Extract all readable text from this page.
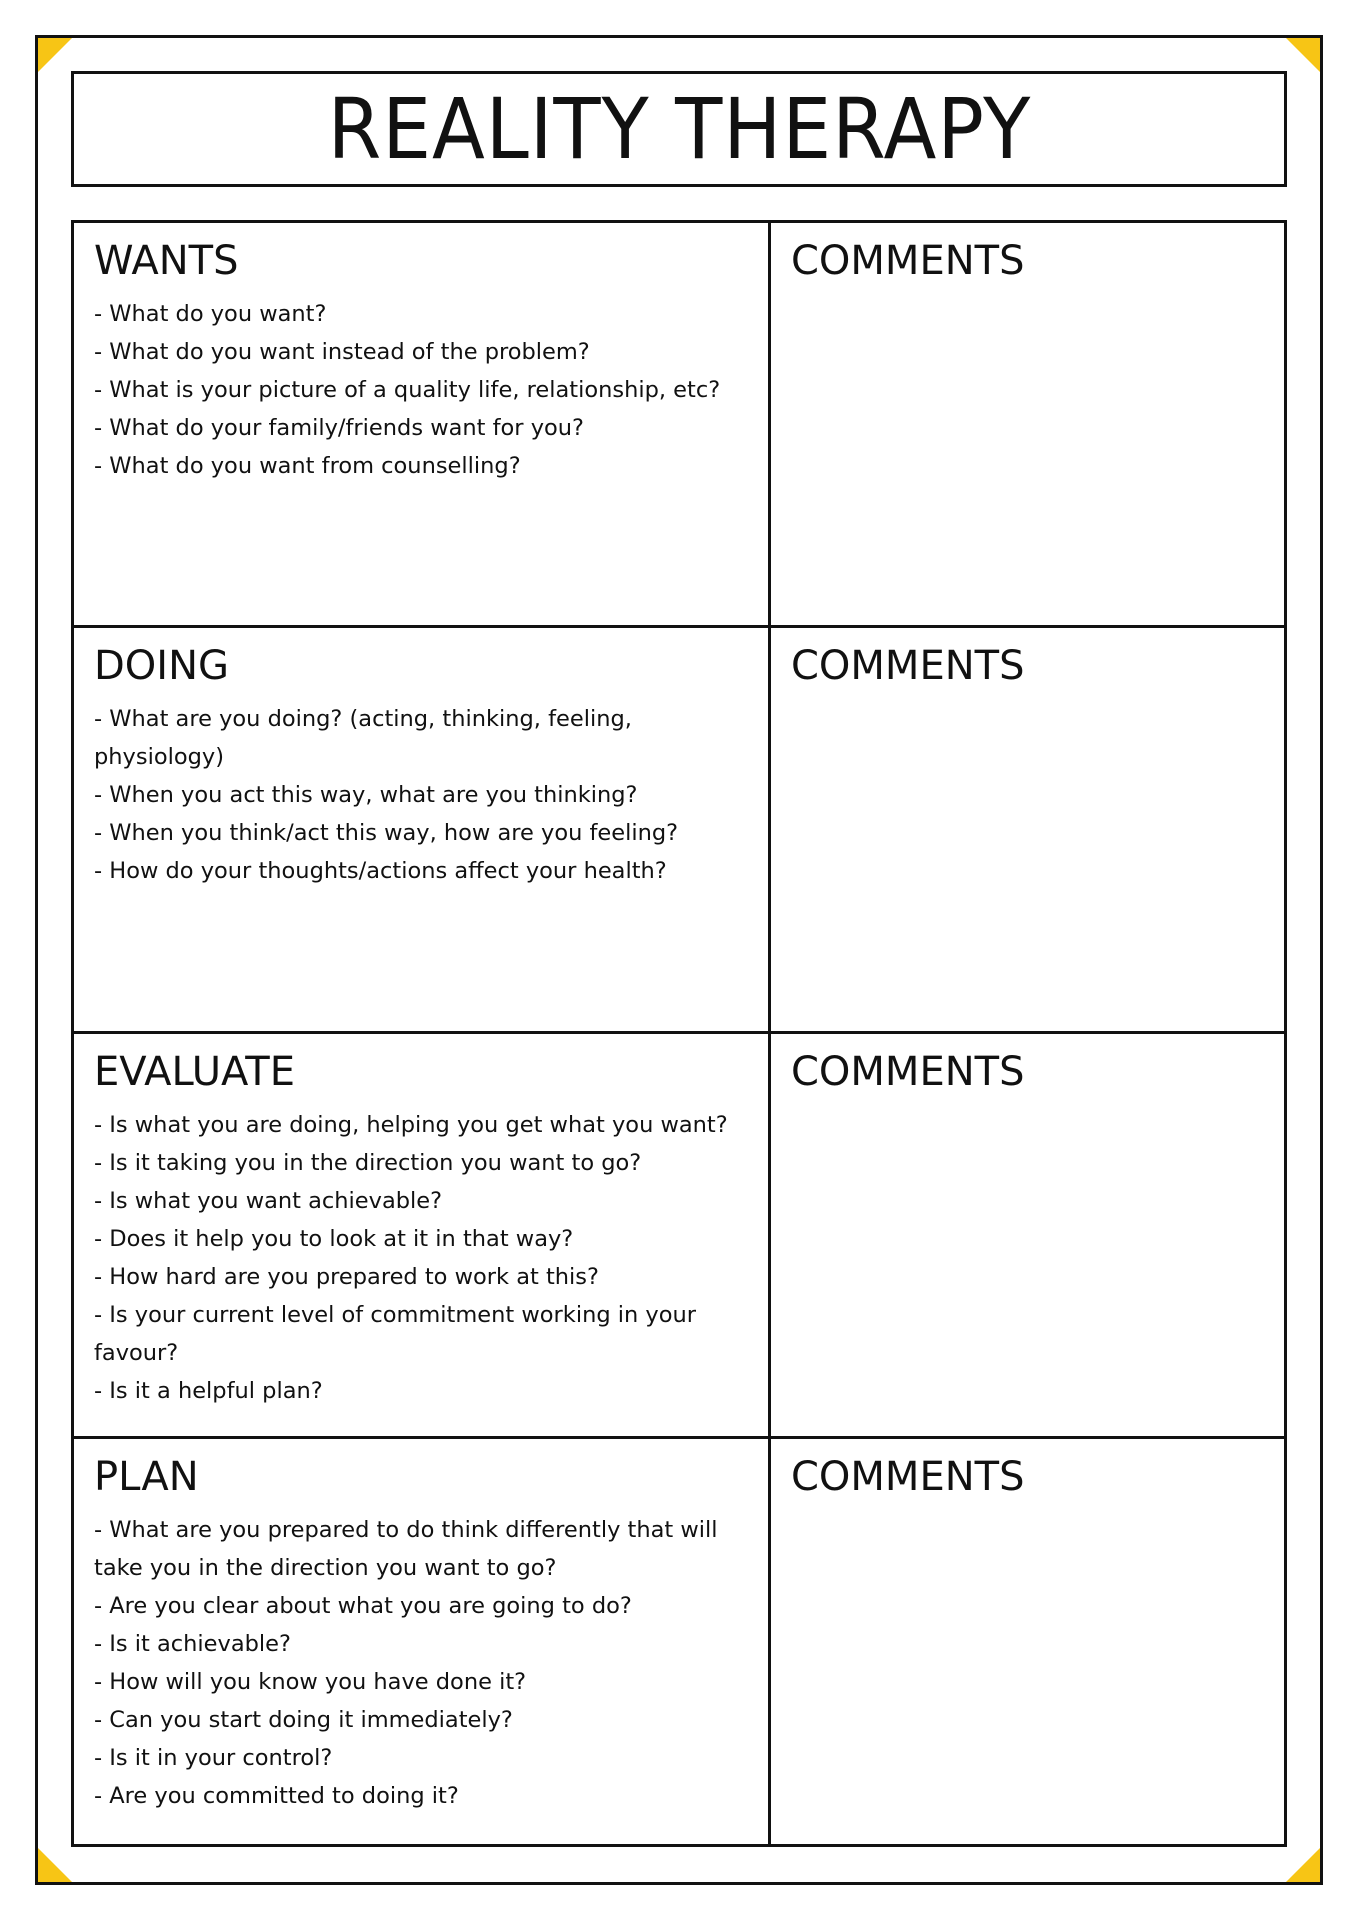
REALITY THERAPY
WANTS
- What do you want?
- What do you want instead of the problem?
- What is your picture of a quality life, relationship, etc?
- What do your family/friends want for you?
- What do you want from counselling?
COMMENTS
DOING
- What are you doing? (acting, thinking, feeling, physiology)
- When you act this way, what are you thinking?
- When you think/act this way, how are you feeling?
- How do your thoughts/actions affect your health?
COMMENTS
EVALUATE
- Is what you are doing, helping you get what you want?
- Is it taking you in the direction you want to go?
- Is what you want achievable?
- Does it help you to look at it in that way?
- How hard are you prepared to work at this?
- Is your current level of commitment working in your favour?
- Is it a helpful plan?
COMMENTS
PLAN
- What are you prepared to do think differently that will take you in the direction you want to go?
- Are you clear about what you are going to do?
- Is it achievable?
- How will you know you have done it?
- Can you start doing it immediately?
- Is it in your control?
- Are you committed to doing it?
COMMENTS
